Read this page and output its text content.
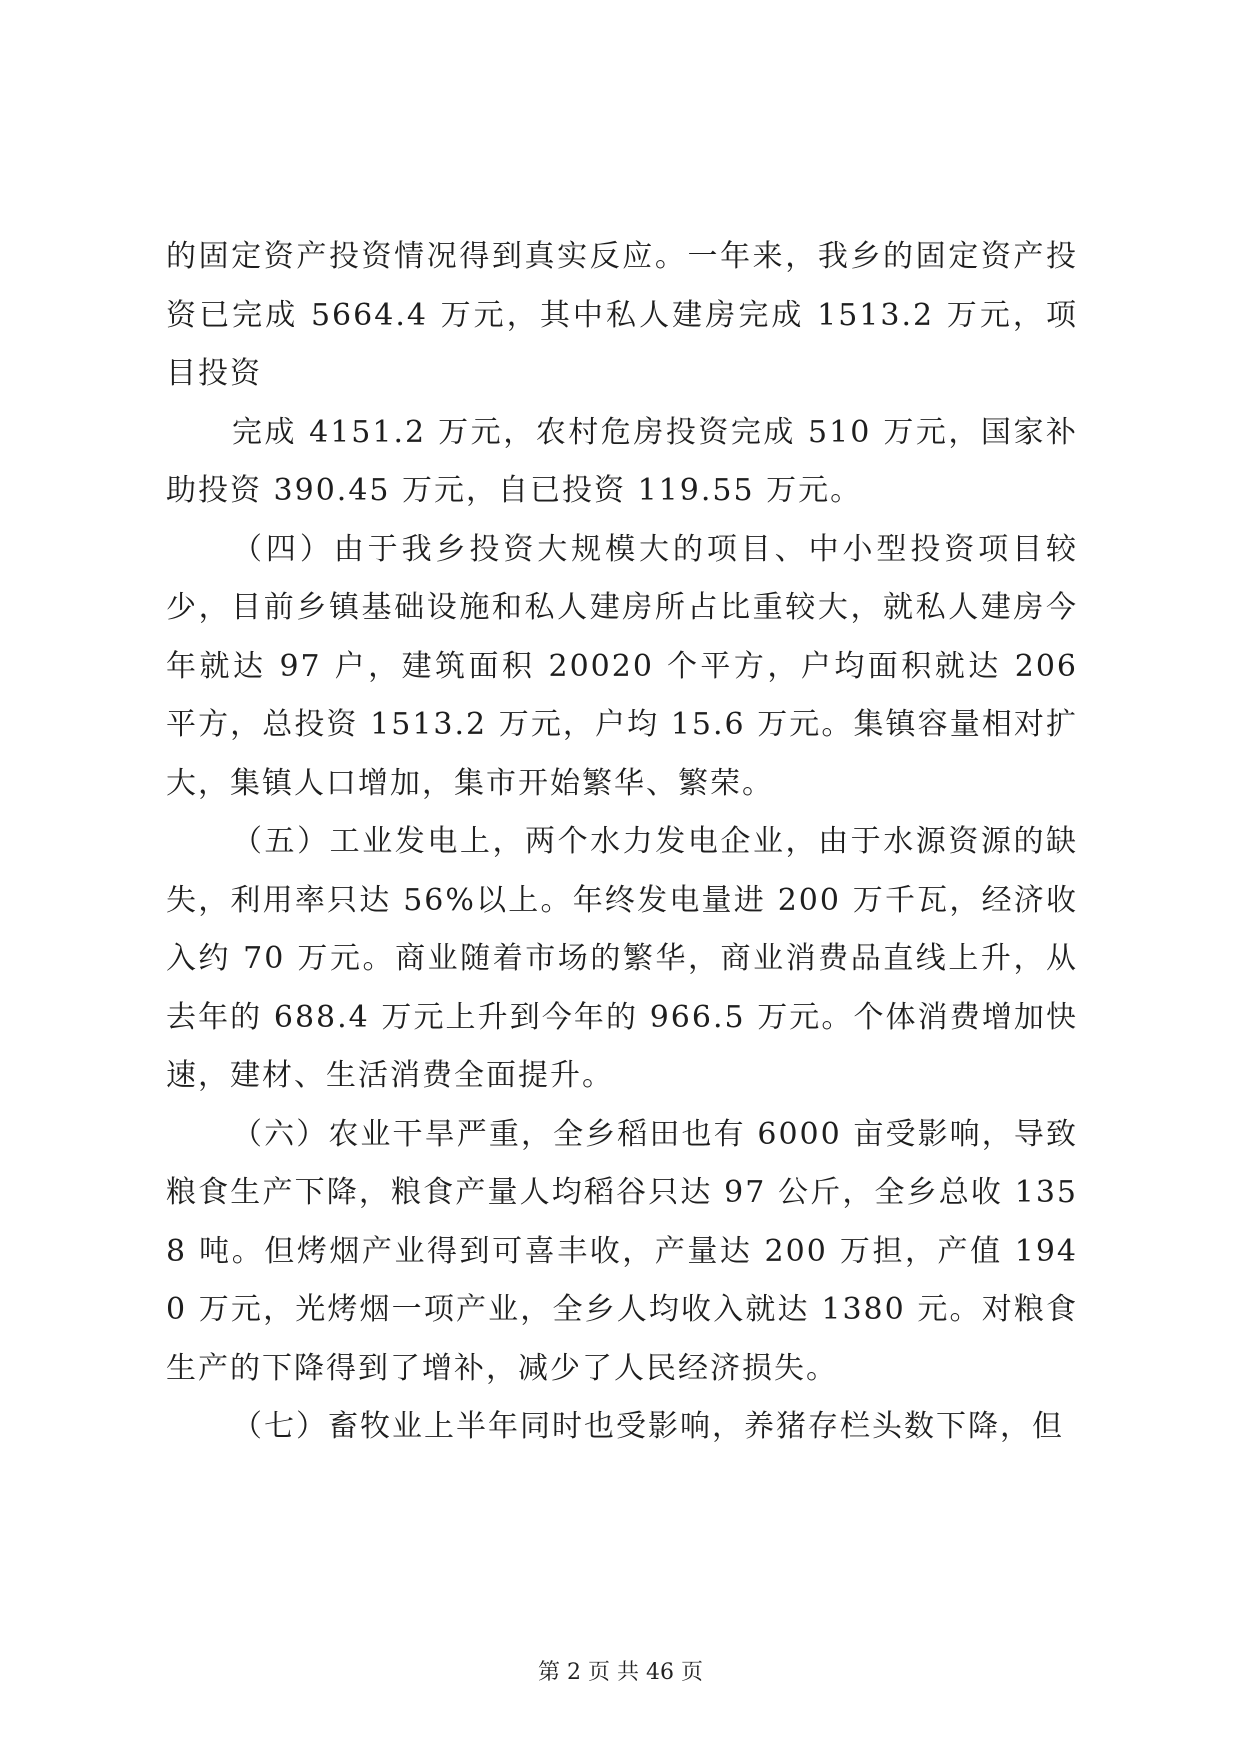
的固定资产投资情况得到真实反应。一年来，我乡的固定资产投资已完成 5664.4 万元，其中私人建房完成 1513.2 万元，项目投资

完成 4151.2 万元，农村危房投资完成 510 万元，国家补助投资 390.45 万元，自已投资 119.55 万元。

（四）由于我乡投资大规模大的项目、中小型投资项目较少，目前乡镇基础设施和私人建房所占比重较大，就私人建房今年就达 97 户，建筑面积 20020 个平方，户均面积就达 206 平方，总投资 1513.2 万元，户均 15.6 万元。集镇容量相对扩大，集镇人口增加，集市开始繁华、繁荣。

（五）工业发电上，两个水力发电企业，由于水源资源的缺失，利用率只达 56%以上。年终发电量进 200 万千瓦，经济收入约 70 万元。商业随着市场的繁华，商业消费品直线上升，从去年的 688.4 万元上升到今年的 966.5 万元。个体消费增加快速，建材、生活消费全面提升。

（六）农业干旱严重，全乡稻田也有 6000 亩受影响，导致粮食生产下降，粮食产量人均稻谷只达 97 公斤，全乡总收 1358 吨。但烤烟产业得到可喜丰收，产量达 200 万担，产值 1940 万元，光烤烟一项产业，全乡人均收入就达 1380 元。对粮食生产的下降得到了增补，减少了人民经济损失。

（七）畜牧业上半年同时也受影响，养猪存栏头数下降，但

第 2 页 共 46 页
